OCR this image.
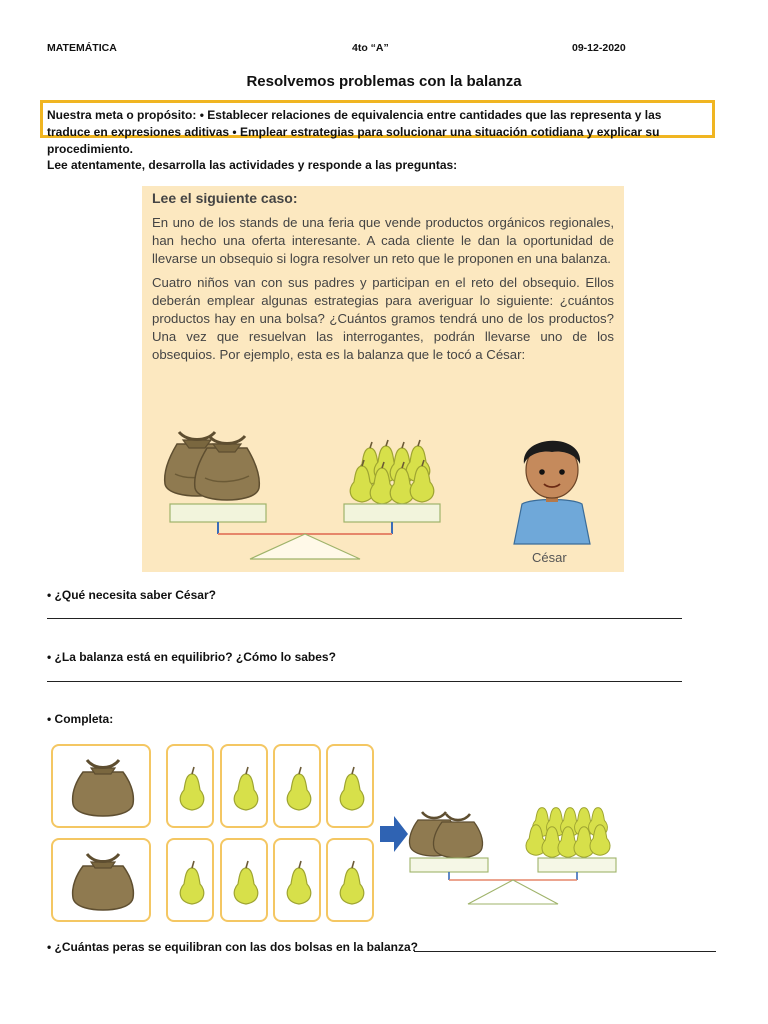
MATEMÁTICA	4to “A”	09-12-2020
Resolvemos problemas con la balanza
Nuestra meta o propósito: • Establecer relaciones de equivalencia entre cantidades que las representa y las traduce en expresiones aditivas • Emplear estrategias para solucionar una situación cotidiana y explicar su procedimiento.
Lee atentamente, desarrolla las actividades y responde a las preguntas:
Lee el siguiente caso:

En uno de los stands de una feria que vende productos orgánicos regionales, han hecho una oferta interesante. A cada cliente le dan la oportunidad de llevarse un obsequio si logra resolver un reto que le proponen en una balanza.

Cuatro niños van con sus padres y participan en el reto del obsequio. Ellos deberán emplear algunas estrategias para averiguar lo siguiente: ¿cuántos productos hay en una bolsa? ¿Cuántos gramos tendrá uno de los productos? Una vez que resuelvan las interrogantes, podrán llevarse uno de los obsequios. Por ejemplo, esta es la balanza que le tocó a César:

César
• ¿Qué necesita saber César?
• ¿La balanza está en equilibrio? ¿Cómo lo sabes?
• Completa:
• ¿Cuántas peras se equilibran con las dos bolsas en la balanza?
